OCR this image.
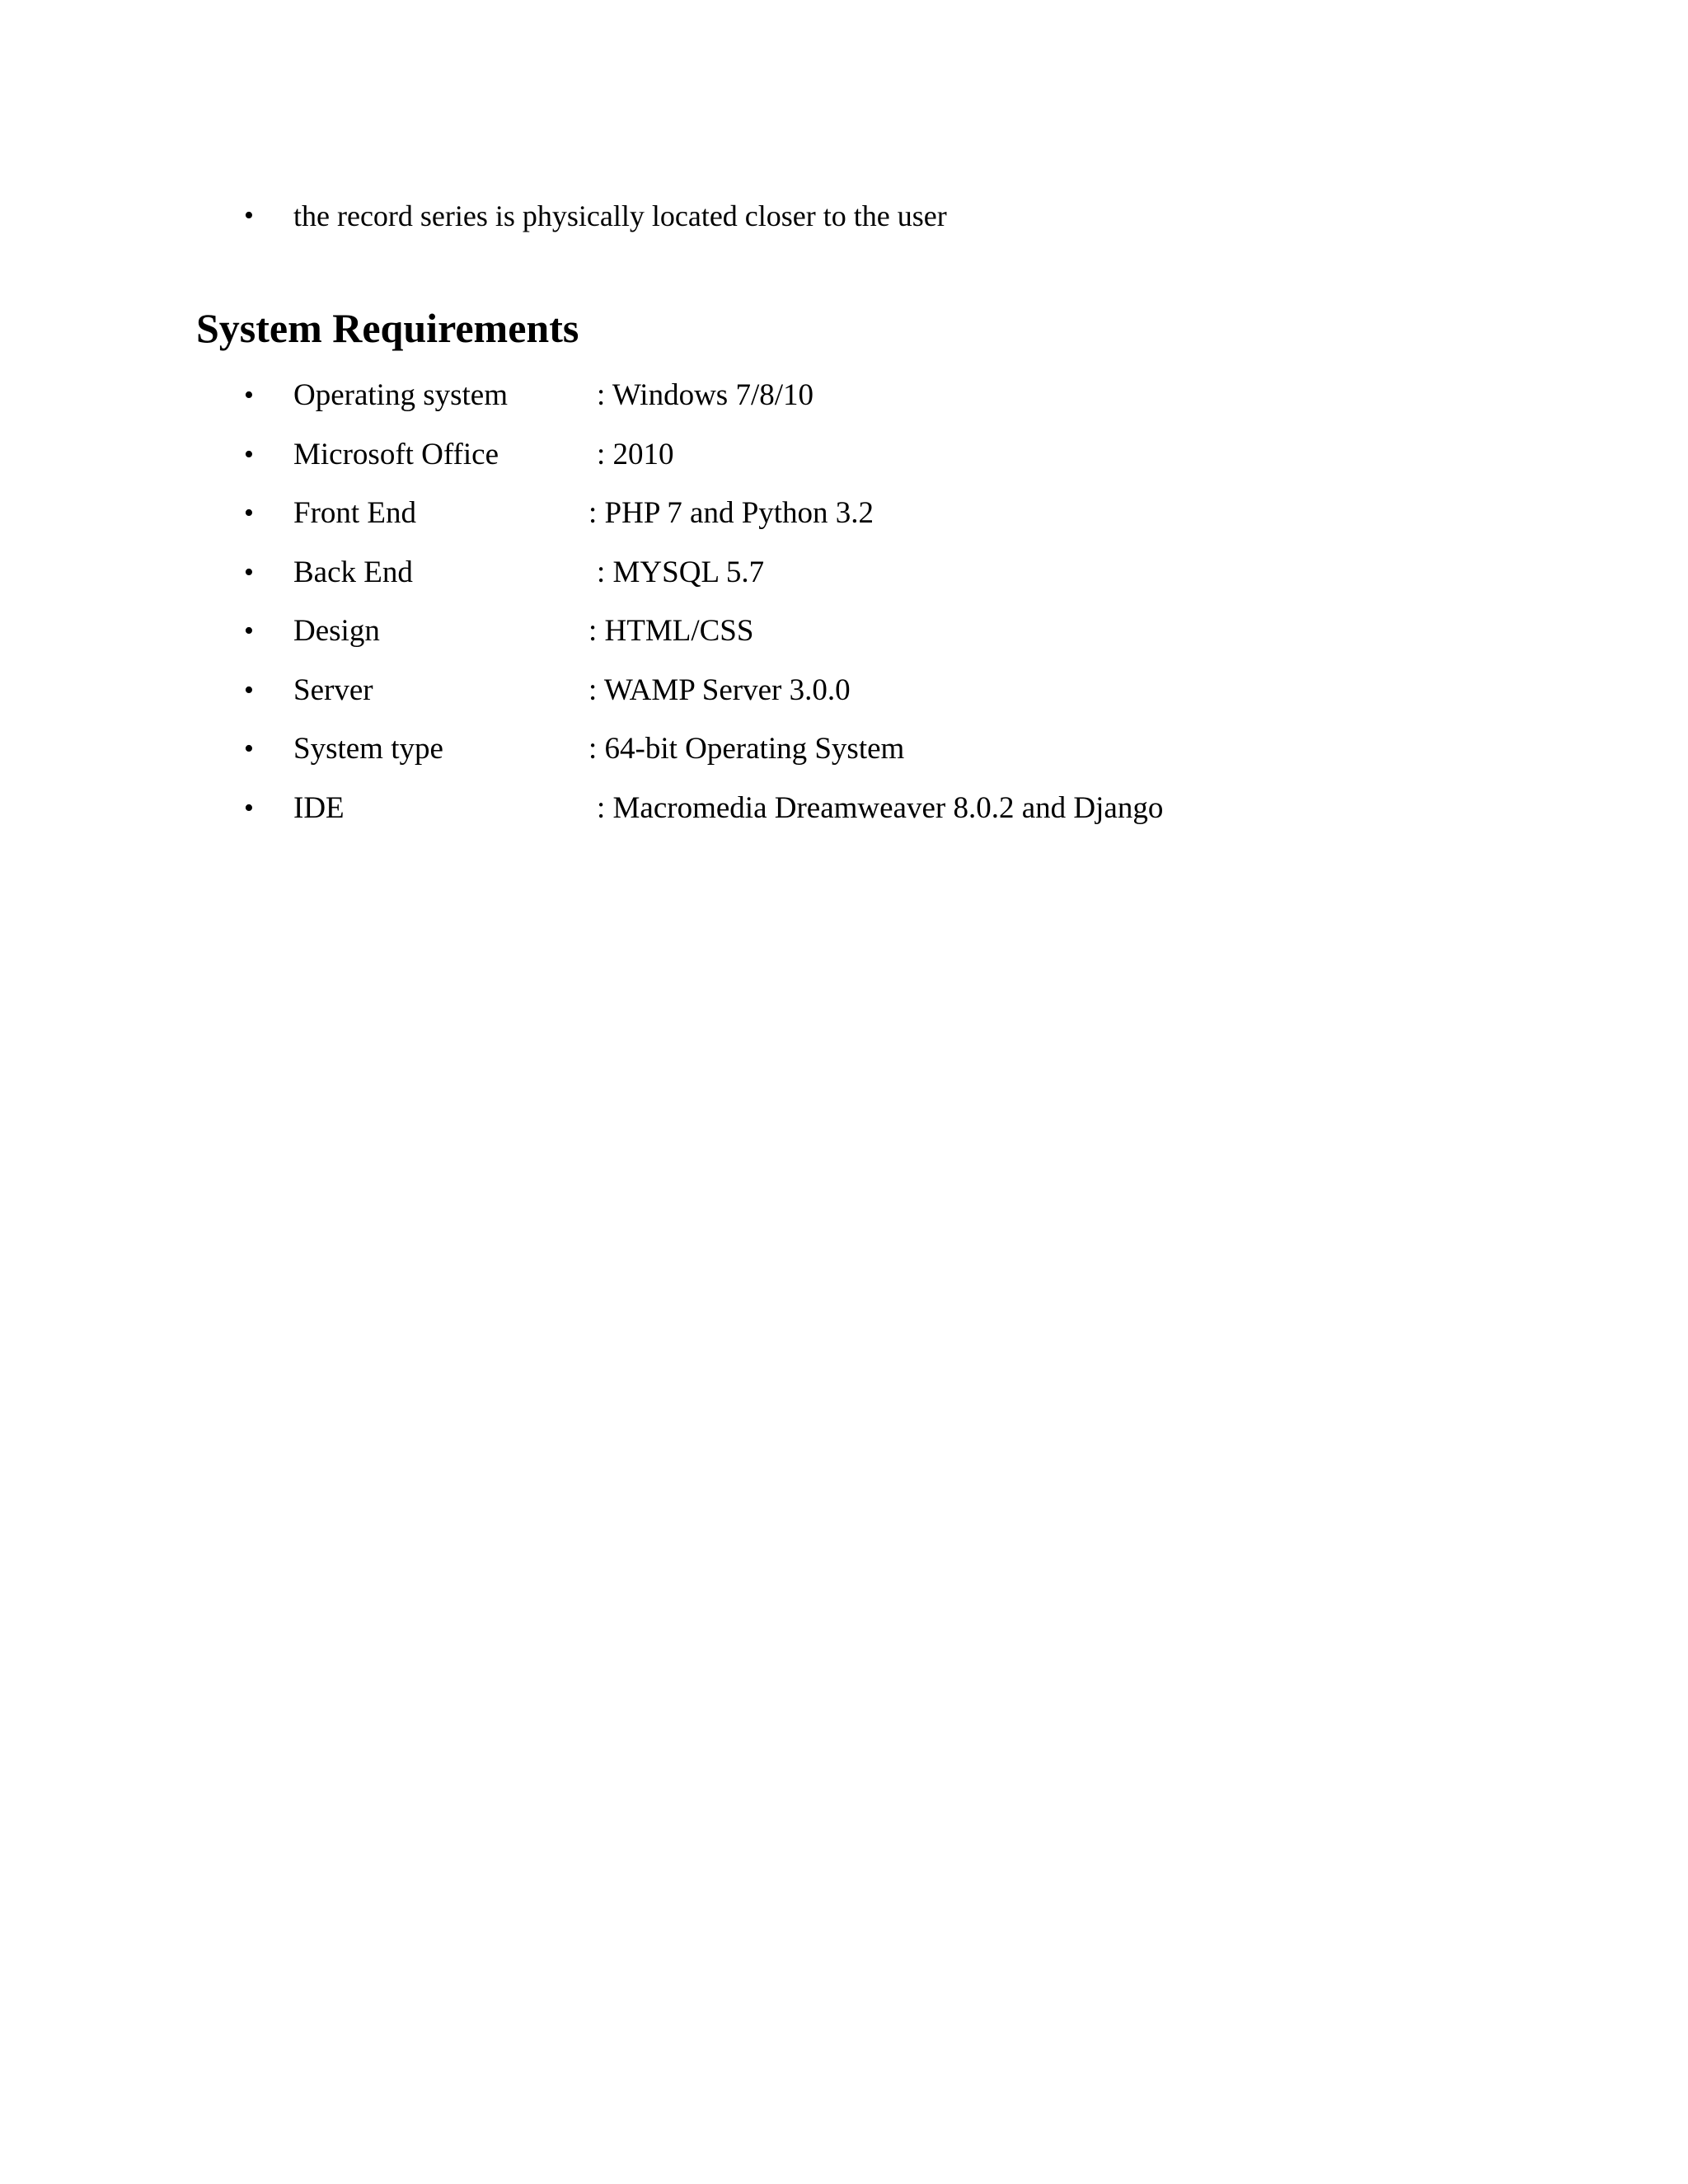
• the record series is physically located closer to the user
System Requirements
• Operating system	: Windows 7/8/10
• Microsoft Office	: 2010
• Front End	: PHP 7 and Python 3.2
• Back End	: MYSQL 5.7
• Design	: HTML/CSS
• Server	: WAMP Server 3.0.0
• System type	: 64-bit Operating System
• IDE	: Macromedia Dreamweaver 8.0.2 and Django
